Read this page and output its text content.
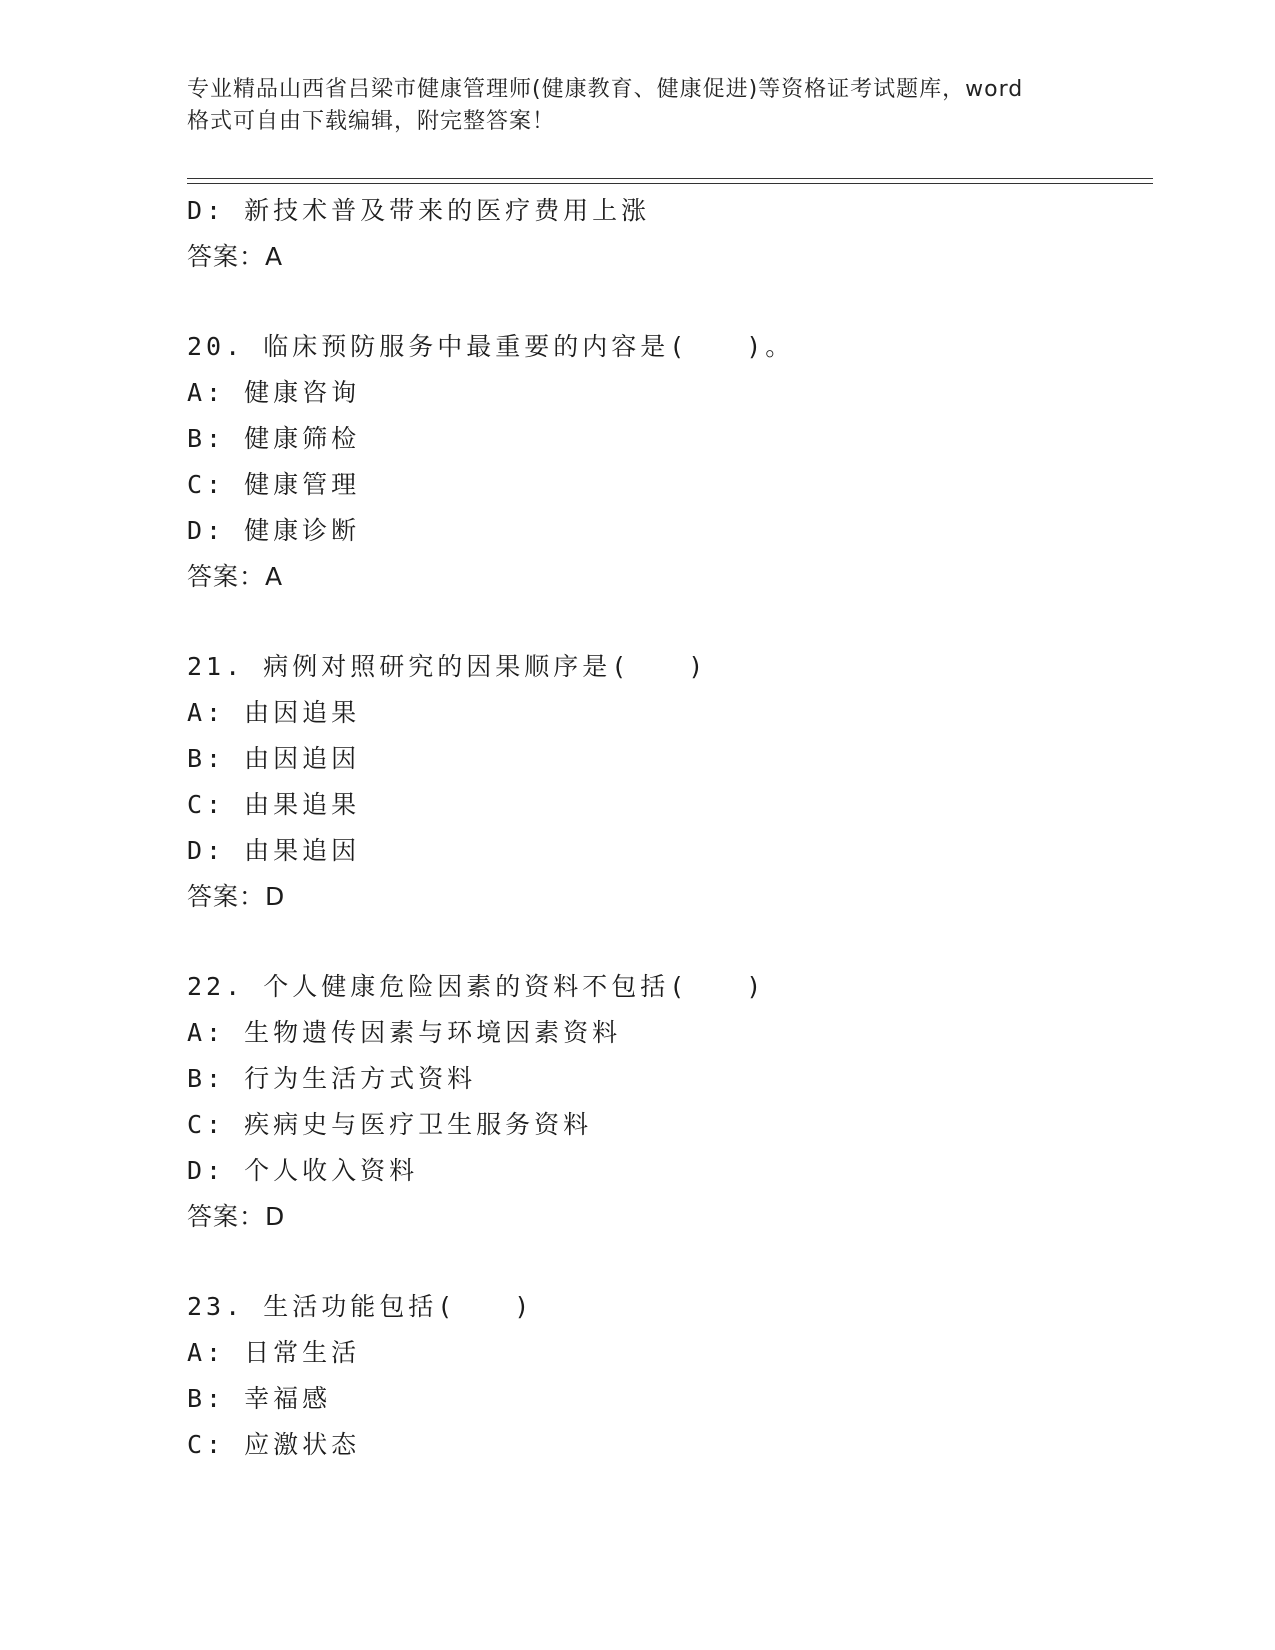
专业精品山西省吕梁市健康管理师(健康教育、健康促进)等资格证考试题库，word
格式可自由下载编辑，附完整答案！
D: 新技术普及带来的医疗费用上涨
答案：A
20. 临床预防服务中最重要的内容是(　　)。
A: 健康咨询
B: 健康筛检
C: 健康管理
D: 健康诊断
答案：A
21. 病例对照研究的因果顺序是(　　)
A: 由因追果
B: 由因追因
C: 由果追果
D: 由果追因
答案：D
22. 个人健康危险因素的资料不包括(　　)
A: 生物遗传因素与环境因素资料
B: 行为生活方式资料
C: 疾病史与医疗卫生服务资料
D: 个人收入资料
答案：D
23. 生活功能包括(　　)
A: 日常生活
B: 幸福感
C: 应激状态
